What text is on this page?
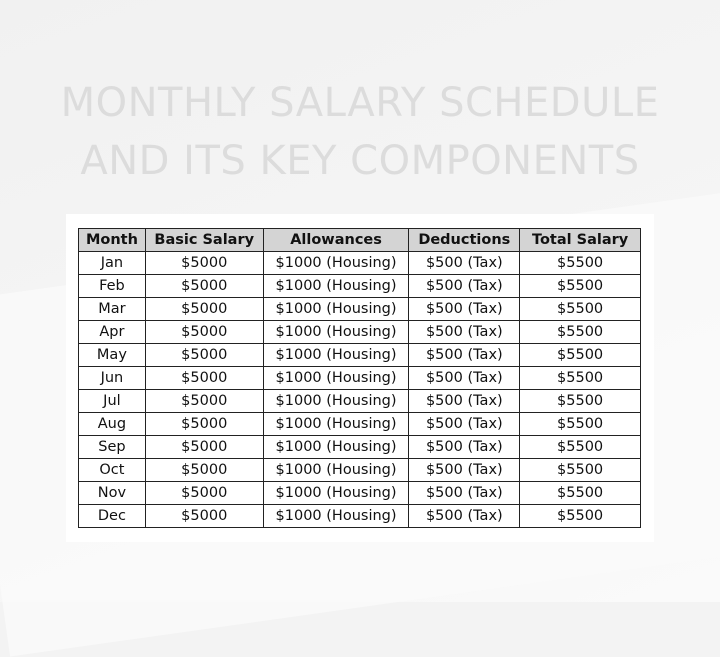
MONTHLY SALARY SCHEDULE
AND ITS KEY COMPONENTS
Month	Basic Salary	Allowances	Deductions	Total Salary
Jan	$5000	$1000 (Housing)	$500 (Tax)	$5500
Feb	$5000	$1000 (Housing)	$500 (Tax)	$5500
Mar	$5000	$1000 (Housing)	$500 (Tax)	$5500
Apr	$5000	$1000 (Housing)	$500 (Tax)	$5500
May	$5000	$1000 (Housing)	$500 (Tax)	$5500
Jun	$5000	$1000 (Housing)	$500 (Tax)	$5500
Jul	$5000	$1000 (Housing)	$500 (Tax)	$5500
Aug	$5000	$1000 (Housing)	$500 (Tax)	$5500
Sep	$5000	$1000 (Housing)	$500 (Tax)	$5500
Oct	$5000	$1000 (Housing)	$500 (Tax)	$5500
Nov	$5000	$1000 (Housing)	$500 (Tax)	$5500
Dec	$5000	$1000 (Housing)	$500 (Tax)	$5500
